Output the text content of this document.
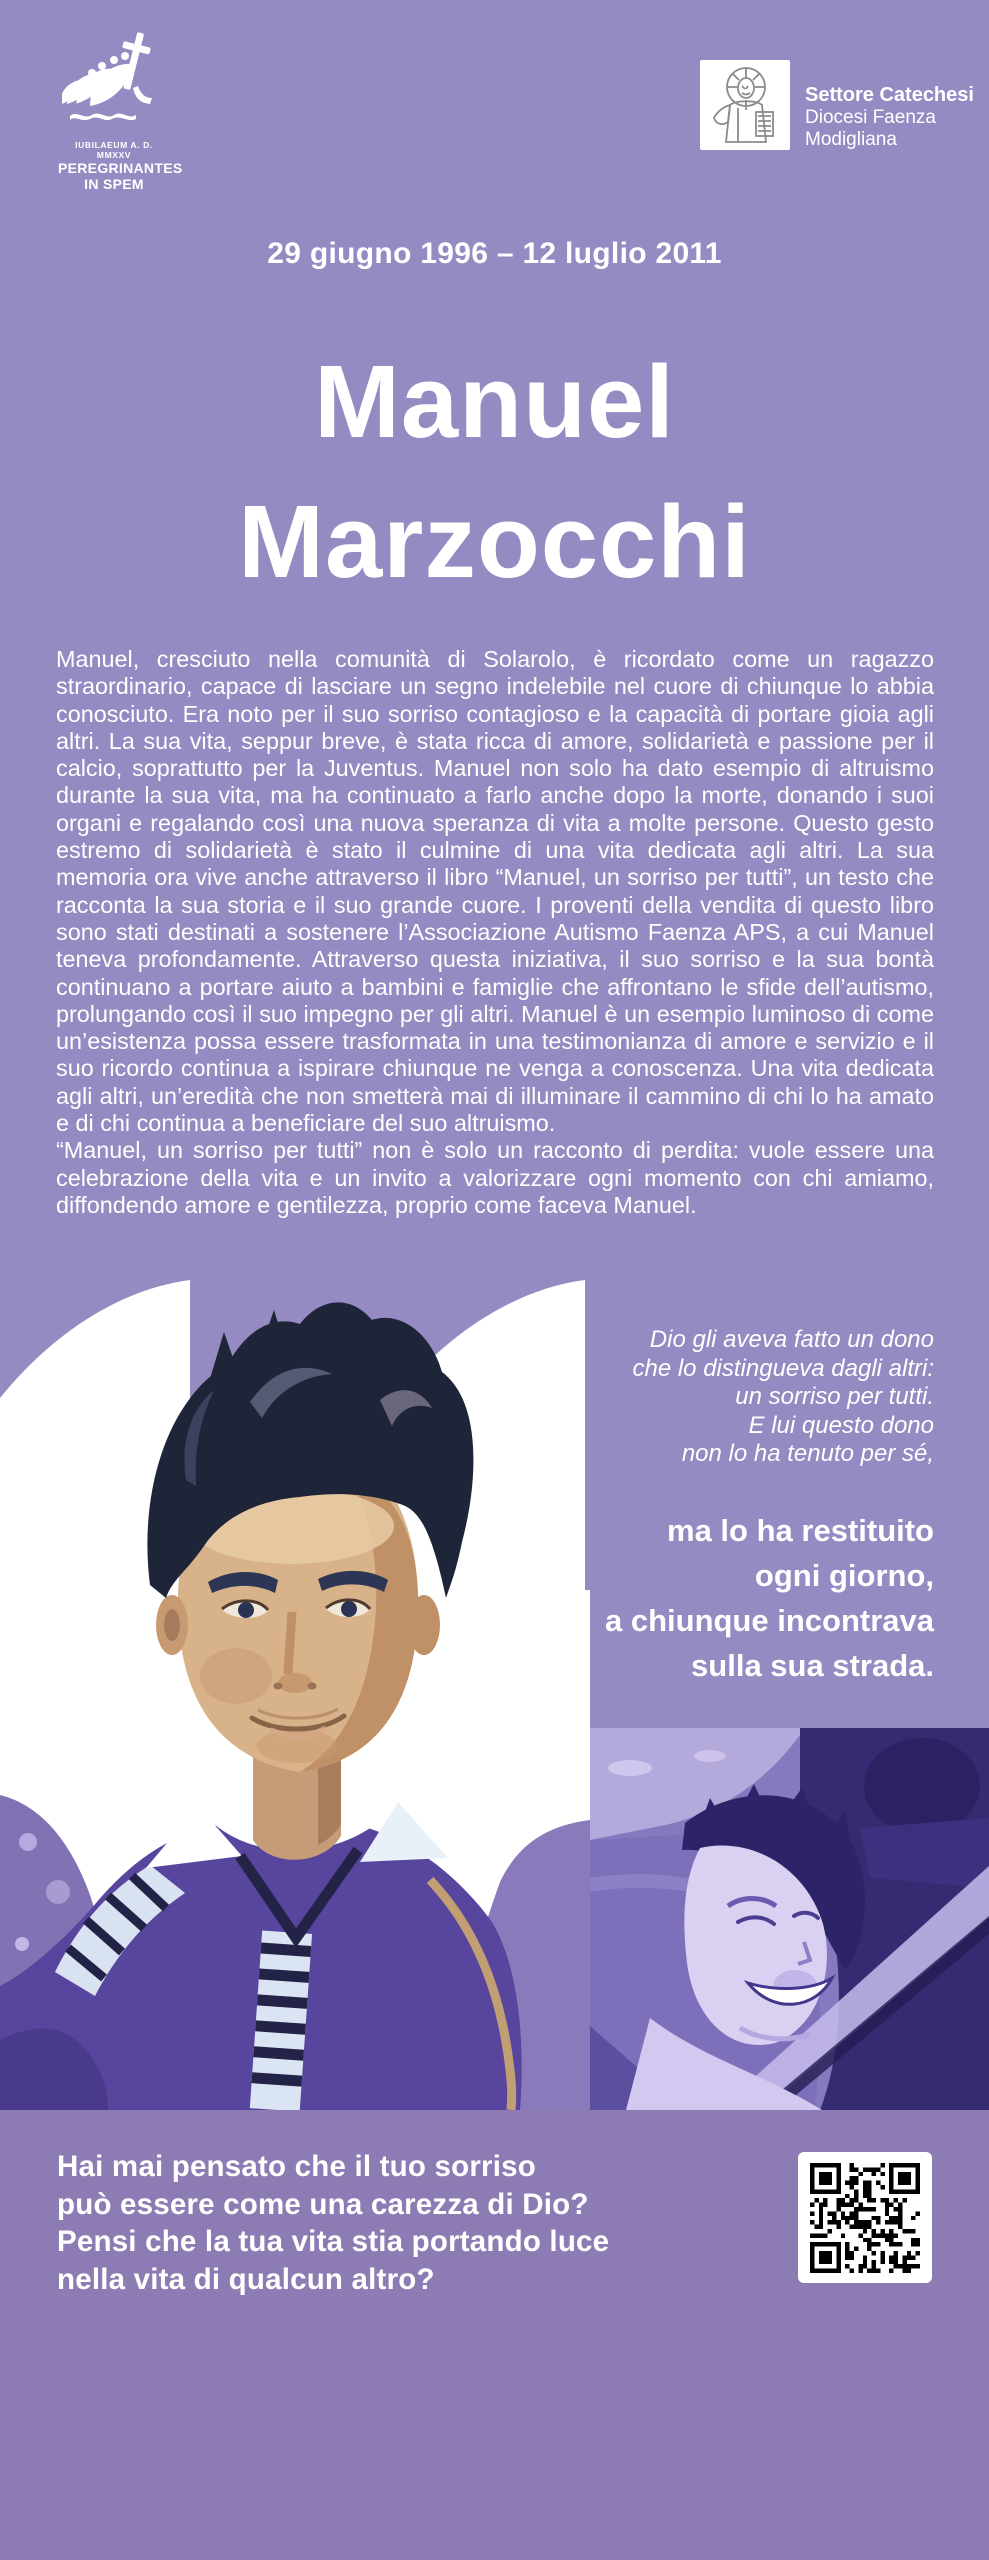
IUBILAEUM A. D. MMXXV
PEREGRINANTES
IN SPEM
Settore Catechesi
Diocesi Faenza
Modigliana
29 giugno 1996 – 12 luglio 2011
Manuel
Marzocchi

Manuel, cresciuto nella comunità di Solarolo, è ricordato come un ragazzo straordinario, capace di lasciare un segno indelebile nel cuore di chiunque lo abbia conosciuto. Era noto per il suo sorriso contagioso e la capacità di portare gioia agli altri. La sua vita, seppur breve, è stata ricca di amore, solidarietà e passione per il calcio, soprattutto per la Juventus. Manuel non solo ha dato esempio di altruismo durante la sua vita, ma ha continuato a farlo anche dopo la morte, donando i suoi organi e regalando così una nuova speranza di vita a molte persone. Questo gesto estremo di solidarietà è stato il culmine di una vita dedicata agli altri. La sua memoria ora vive anche attraverso il libro “Manuel, un sorriso per tutti”, un testo che racconta la sua storia e il suo grande cuore. I proventi della vendita di questo libro sono stati destinati a sostenere l’Associazione Autismo Faenza APS, a cui Manuel teneva profondamente. Attraverso questa iniziativa, il suo sorriso e la sua bontà continuano a portare aiuto a bambini e famiglie che affrontano le sfide dell’autismo, prolungando così il suo impegno per gli altri. Manuel è un esempio luminoso di come un’esistenza possa essere trasformata in una testimonianza di amore e servizio e il suo ricordo continua a ispirare chiunque ne venga a conoscenza. Una vita dedicata agli altri, un’eredità che non smetterà mai di illuminare il cammino di chi lo ha amato e di chi continua a beneficiare del suo altruismo.

“Manuel, un sorriso per tutti” non è solo un racconto di perdita: vuole essere una celebrazione della vita e un invito a valorizzare ogni momento con chi amiamo, diffondendo amore e gentilezza, proprio come faceva Manuel.

Dio gli aveva fatto un dono
che lo distingueva dagli altri:
un sorriso per tutti.
E lui questo dono
non lo ha tenuto per sé,
ma lo ha restituito
ogni giorno,
a chiunque incontrava
sulla sua strada.
Hai mai pensato che il tuo sorriso
può essere come una carezza di Dio?
Pensi che la tua vita stia portando luce
nella vita di qualcun altro?
